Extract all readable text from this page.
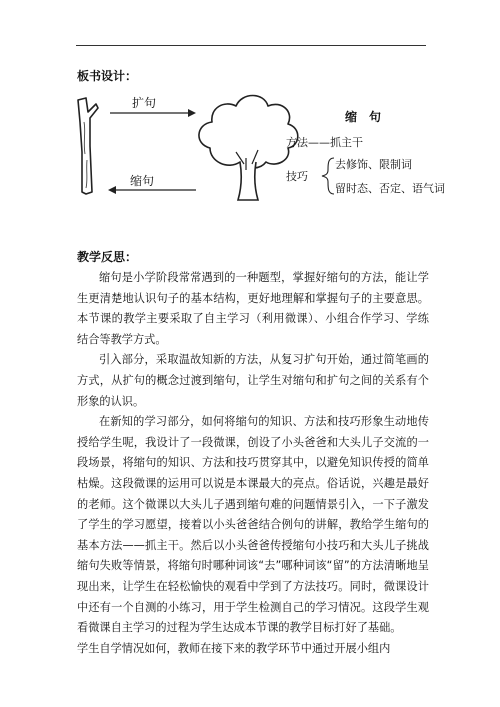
板书设计：
扩句
缩句
缩　句
方法——抓主干
技巧
去修饰、限制词
留时态、否定、语气词
教学反思：

缩句是小学阶段常常遇到的一种题型，掌握好缩句的方法，能让学生更清楚地认识句子的基本结构，更好地理解和掌握句子的主要意思。本节课的教学主要采取了自主学习（利用微课）、小组合作学习、学练结合等教学方式。

引入部分，采取温故知新的方法，从复习扩句开始，通过简笔画的方式，从扩句的概念过渡到缩句，让学生对缩句和扩句之间的关系有个形象的认识。

在新知的学习部分，如何将缩句的知识、方法和技巧形象生动地传授给学生呢，我设计了一段微课，创设了小头爸爸和大头儿子交流的一段场景，将缩句的知识、方法和技巧贯穿其中，以避免知识传授的简单枯燥。这段微课的运用可以说是本课最大的亮点。俗话说，兴趣是最好的老师。这个微课以大头儿子遇到缩句难的问题情景引入，一下子激发了学生的学习愿望，接着以小头爸爸结合例句的讲解，教给学生缩句的基本方法——抓主干。然后以小头爸爸传授缩句小技巧和大头儿子挑战缩句失败等情景，将缩句时哪种词该“去”哪种词该“留”的方法清晰地呈现出来，让学生在轻松愉快的观看中学到了方法技巧。同时，微课设计中还有一个自测的小练习，用于学生检测自己的学习情况。这段学生观看微课自主学习的过程为学生达成本节课的教学目标打好了基础。

学生自学情况如何，教师在接下来的教学环节中通过开展小组内
